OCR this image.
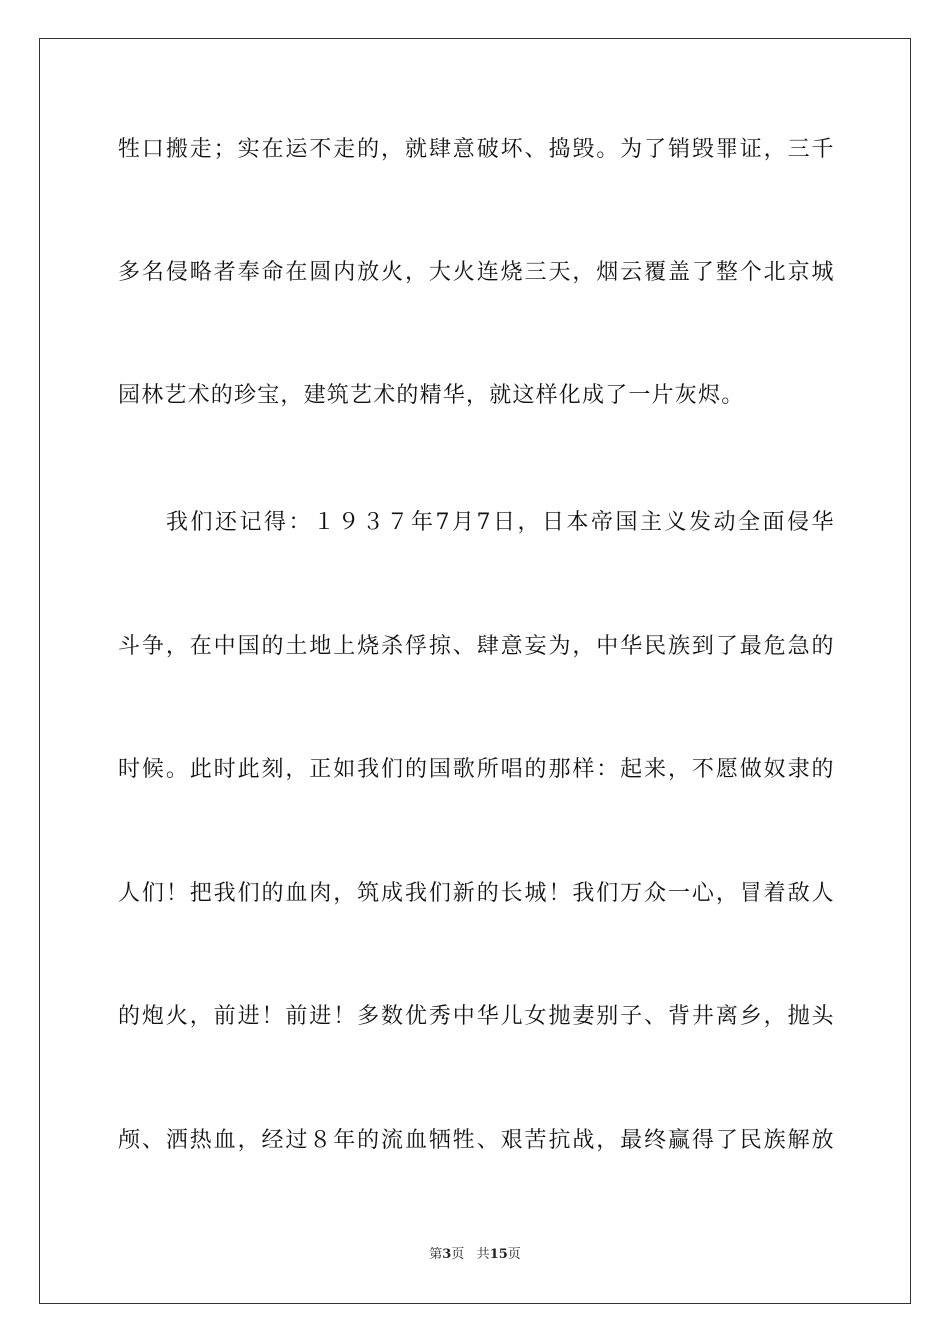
牲口搬走；实在运不走的，就肆意破坏、捣毁。为了销毁罪证，三千
多名侵略者奉命在圆内放火，大火连烧三天，烟云覆盖了整个北京城
园林艺术的珍宝，建筑艺术的精华，就这样化成了一片灰烬。
我们还记得：１９３７年7月7日，日本帝国主义发动全面侵华
斗争，在中国的土地上烧杀俘掠、肆意妄为，中华民族到了最危急的
时候。此时此刻，正如我们的国歌所唱的那样：起来，不愿做奴隶的
人们！把我们的血肉，筑成我们新的长城！我们万众一心，冒着敌人
的炮火，前进！前进！多数优秀中华儿女抛妻别子、背井离乡，抛头
颅、洒热血，经过８年的流血牺牲、艰苦抗战，最终赢得了民族解放
第3页 共15页
